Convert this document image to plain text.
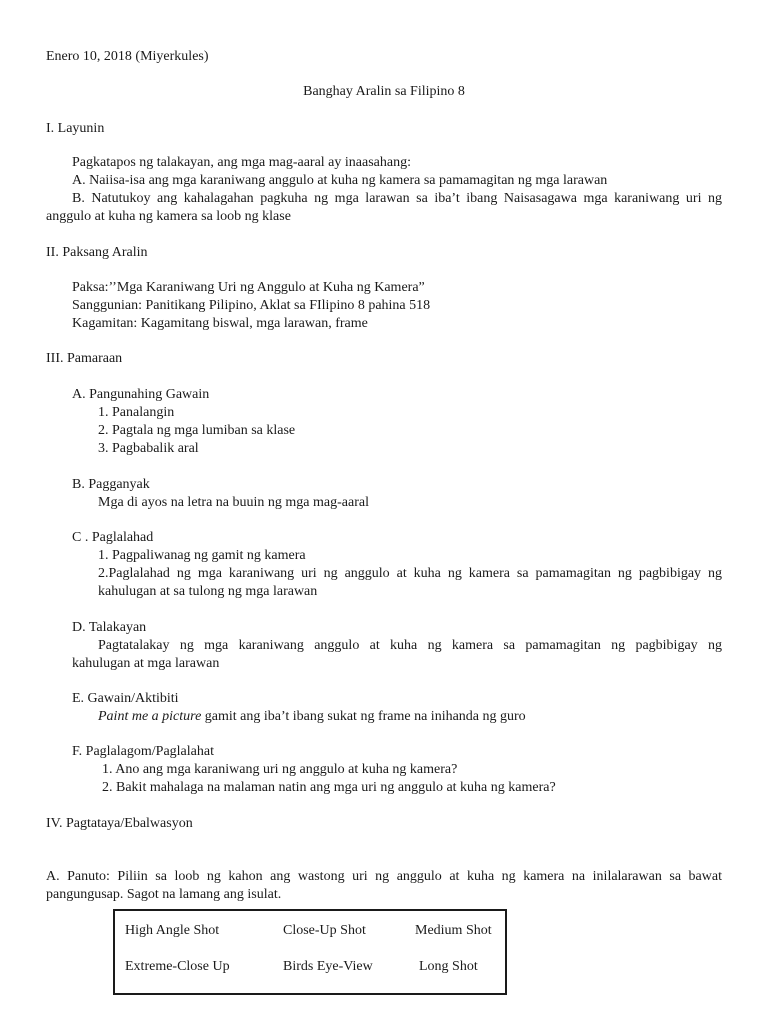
Enero 10, 2018 (Miyerkules)
Banghay Aralin sa Filipino 8
I. Layunin
Pagkatapos ng talakayan, ang mga mag-aaral ay inaasahang:
A. Naiisa-isa ang mga karaniwang anggulo at kuha ng kamera sa pamamagitan ng mga larawan
B. Natutukoy ang kahalagahan pagkuha ng mga larawan sa iba’t ibang Naisasagawa mga karaniwang uri ng
anggulo at kuha ng kamera sa loob ng klase
II. Paksang Aralin
Paksa:’’Mga Karaniwang Uri ng Anggulo at Kuha ng Kamera”
Sanggunian: Panitikang Pilipino, Aklat sa FIlipino 8 pahina 518
Kagamitan: Kagamitang biswal, mga larawan, frame
III. Pamaraan
A. Pangunahing Gawain
1. Panalangin
2. Pagtala ng mga lumiban sa klase
3. Pagbabalik aral
B. Pagganyak
Mga di ayos na letra na buuin ng mga mag-aaral
C . Paglalahad
1. Pagpaliwanag ng gamit ng kamera
2.Paglalahad ng mga karaniwang uri ng anggulo at kuha ng kamera sa pamamagitan ng pagbibigay ng
kahulugan at sa tulong ng mga larawan
D. Talakayan
Pagtatalakay ng mga karaniwang anggulo at kuha ng kamera sa pamamagitan ng pagbibigay ng
kahulugan at mga larawan
E. Gawain/Aktibiti
Paint me a picture gamit ang iba’t ibang sukat ng frame na inihanda ng guro
F. Paglalagom/Paglalahat
1. Ano ang mga karaniwang uri ng anggulo at kuha ng kamera?
2. Bakit mahalaga na malaman natin ang mga uri ng anggulo at kuha ng kamera?
IV. Pagtataya/Ebalwasyon
A. Panuto: Piliin sa loob ng kahon ang wastong uri ng anggulo at kuha ng kamera na inilalarawan sa bawat
pangungusap. Sagot na lamang ang isulat.
High Angle Shot	Close-Up Shot	Medium Shot
Extreme-Close Up	Birds Eye-View	Long Shot
